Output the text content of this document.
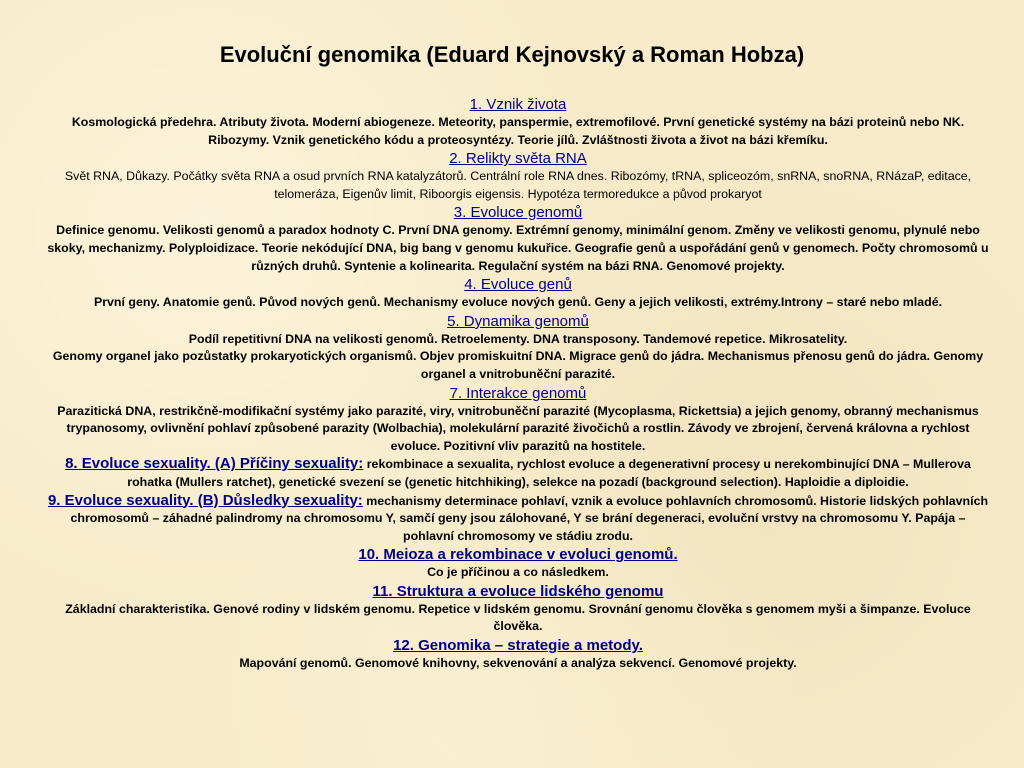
Evoluční genomika (Eduard Kejnovský a Roman Hobza)
1. Vznik života
Kosmologická předehra. Atributy života. Moderní abiogeneze. Meteority, panspermie, extremofilové. První genetické systémy na bázi proteinů nebo NK. Ribozymy. Vznik genetického kódu a proteosyntézy. Teorie jílů. Zvláštnosti života a život na bázi křemíku.
2. Relikty světa RNA
Svět RNA, Důkazy. Počátky světa RNA a osud prvních RNA katalyzátorů. Centrální role RNA dnes. Ribozómy, tRNA, spliceozóm, snRNA, snoRNA, RNázaP, editace, telomeráza, Eigenův limit, Riboorgis eigensis. Hypotéza termoredukce a původ prokaryot
3. Evoluce genomů
Definice genomu. Velikosti genomů a paradox hodnoty C. První DNA genomy. Extrémní genomy, minimální genom. Změny ve velikosti genomu, plynulé nebo skoky, mechanizmy. Polyploidizace. Teorie nekódující DNA, big bang v genomu kukuřice. Geografie genů a uspořádání genů v genomech. Počty chromosomů u různých druhů. Syntenie a kolinearita. Regulační systém na bázi RNA. Genomové projekty.
4. Evoluce genů
První geny. Anatomie genů. Původ nových genů. Mechanismy evoluce nových genů. Geny a jejich velikosti, extrémy.Introny – staré nebo mladé.
5. Dynamika genomů
Podíl repetitivní DNA na velikosti genomů. Retroelementy. DNA transposony. Tandemové repetice. Mikrosatelity.
Genomy organel jako pozůstatky prokaryotických organismů. Objev promiskuitní DNA. Migrace genů do jádra. Mechanismus přenosu genů do jádra. Genomy organel a vnitrobuněční parazité.
7. Interakce genomů
Parazitická DNA, restrikčně-modifikační systémy jako parazité, viry, vnitrobuněční parazité (Mycoplasma, Rickettsia) a jejich genomy, obranný mechanismus trypanosomy, ovlivnění pohlaví způsobené parazity (Wolbachia), molekulární parazité živočichů a rostlin. Závody ve zbrojení, červená královna a rychlost evoluce. Pozitivní vliv parazitů na hostitele.
8. Evoluce sexuality. (A) Příčiny sexuality: rekombinace a sexualita, rychlost evoluce a degenerativní procesy u nerekombinující DNA – Mullerova rohatka (Mullers ratchet), genetické svezení se (genetic hitchhiking), selekce na pozadí (background selection). Haploidie a diploidie.
9. Evoluce sexuality. (B) Důsledky sexuality: mechanismy determinace pohlaví, vznik a evoluce pohlavních chromosomů. Historie lidských pohlavních chromosomů – záhadné palindromy na chromosomu Y, samčí geny jsou zálohované, Y se brání degeneraci, evoluční vrstvy na chromosomu Y. Papája – pohlavní chromosomy ve stádiu zrodu.
10. Meioza a rekombinace v evoluci genomů.
Co je příčinou a co následkem.
11. Struktura a evoluce lidského genomu
Základní charakteristika. Genové rodiny v lidském genomu. Repetice v lidském genomu. Srovnání genomu člověka s genomem myši a šimpanze. Evoluce člověka.
12. Genomika – strategie a metody.
Mapování genomů. Genomové knihovny, sekvenování a analýza sekvencí. Genomové projekty.
